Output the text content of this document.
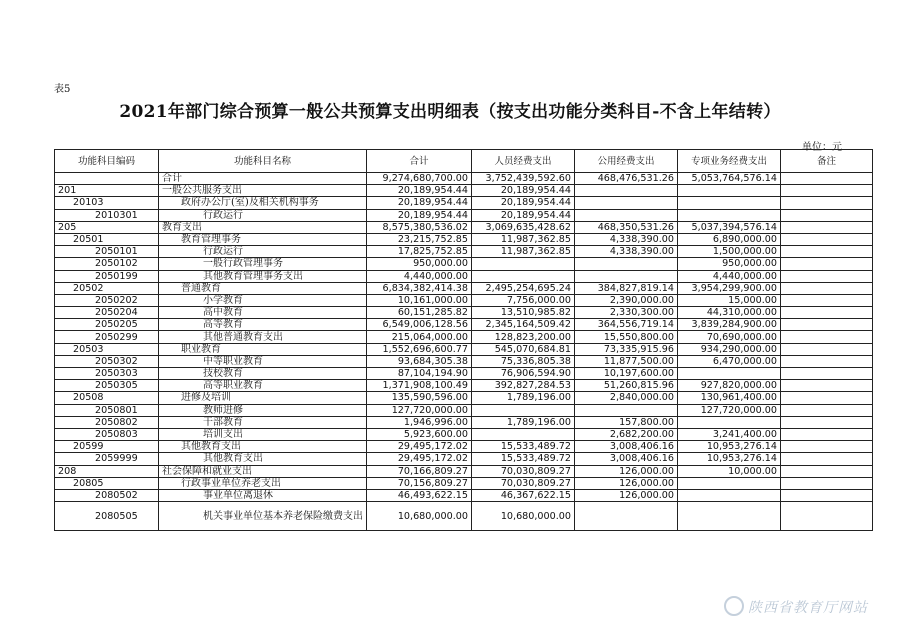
表5
2021年部门综合预算一般公共预算支出明细表（按支出功能分类科目-不含上年结转）
单位：元
功能科目编码	功能科目名称	合计	人员经费支出	公用经费支出	专项业务经费支出	备注
	合计	9,274,680,700.00	3,752,439,592.60	468,476,531.26	5,053,764,576.14	
201	一般公共服务支出	20,189,954.44	20,189,954.44			
20103	政府办公厅(室)及相关机构事务	20,189,954.44	20,189,954.44			
2010301	行政运行	20,189,954.44	20,189,954.44			
205	教育支出	8,575,380,536.02	3,069,635,428.62	468,350,531.26	5,037,394,576.14	
20501	教育管理事务	23,215,752.85	11,987,362.85	4,338,390.00	6,890,000.00	
2050101	行政运行	17,825,752.85	11,987,362.85	4,338,390.00	1,500,000.00	
2050102	一般行政管理事务	950,000.00			950,000.00	
2050199	其他教育管理事务支出	4,440,000.00			4,440,000.00	
20502	普通教育	6,834,382,414.38	2,495,254,695.24	384,827,819.14	3,954,299,900.00	
2050202	小学教育	10,161,000.00	7,756,000.00	2,390,000.00	15,000.00	
2050204	高中教育	60,151,285.82	13,510,985.82	2,330,300.00	44,310,000.00	
2050205	高等教育	6,549,006,128.56	2,345,164,509.42	364,556,719.14	3,839,284,900.00	
2050299	其他普通教育支出	215,064,000.00	128,823,200.00	15,550,800.00	70,690,000.00	
20503	职业教育	1,552,696,600.77	545,070,684.81	73,335,915.96	934,290,000.00	
2050302	中等职业教育	93,684,305.38	75,336,805.38	11,877,500.00	6,470,000.00	
2050303	技校教育	87,104,194.90	76,906,594.90	10,197,600.00		
2050305	高等职业教育	1,371,908,100.49	392,827,284.53	51,260,815.96	927,820,000.00	
20508	进修及培训	135,590,596.00	1,789,196.00	2,840,000.00	130,961,400.00	
2050801	教师进修	127,720,000.00			127,720,000.00	
2050802	干部教育	1,946,996.00	1,789,196.00	157,800.00		
2050803	培训支出	5,923,600.00		2,682,200.00	3,241,400.00	
20599	其他教育支出	29,495,172.02	15,533,489.72	3,008,406.16	10,953,276.14	
2059999	其他教育支出	29,495,172.02	15,533,489.72	3,008,406.16	10,953,276.14	
208	社会保障和就业支出	70,166,809.27	70,030,809.27	126,000.00	10,000.00	
20805	行政事业单位养老支出	70,156,809.27	70,030,809.27	126,000.00		
2080502	事业单位离退休	46,493,622.15	46,367,622.15	126,000.00		
2080505	机关事业单位基本养老保险缴费支出	10,680,000.00	10,680,000.00			
陕西省教育厅网站
